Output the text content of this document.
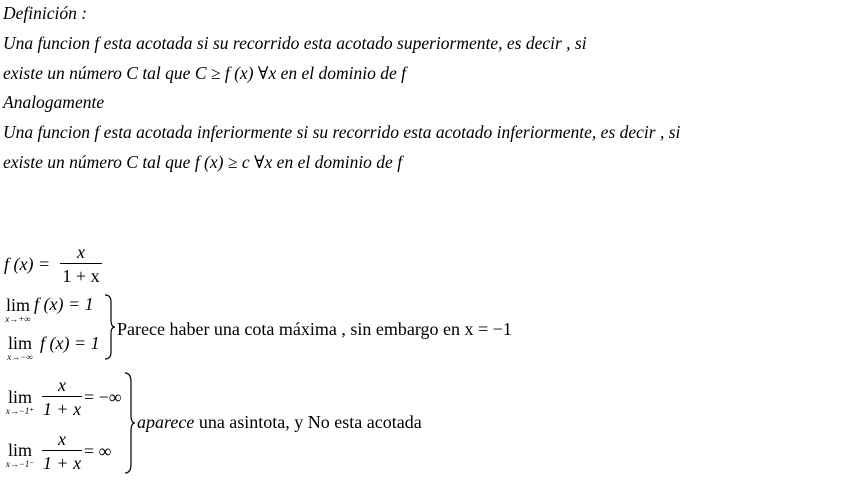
Definición :
Una funcion f esta acotada si su recorrido esta acotado superiormente, es decir , si
existe un número C tal que C ≥ f (x) ∀x en el dominio de f
Analogamente
Una funcion f esta acotada inferiormente si su recorrido esta acotado inferiormente, es decir , si
existe un número C tal que f (x) ≥ c ∀x en el dominio de f
f (x) =
x
1 + x
lim
x→+∞
f (x) = 1
lim
x→−∞
f (x) = 1
Parece haber una cota máxima , sin embargo en x = −1
lim
x→−1⁺
x
1 + x
= −∞
lim
x→−1⁻
x
1 + x
= ∞
aparece una asintota, y No esta acotada
